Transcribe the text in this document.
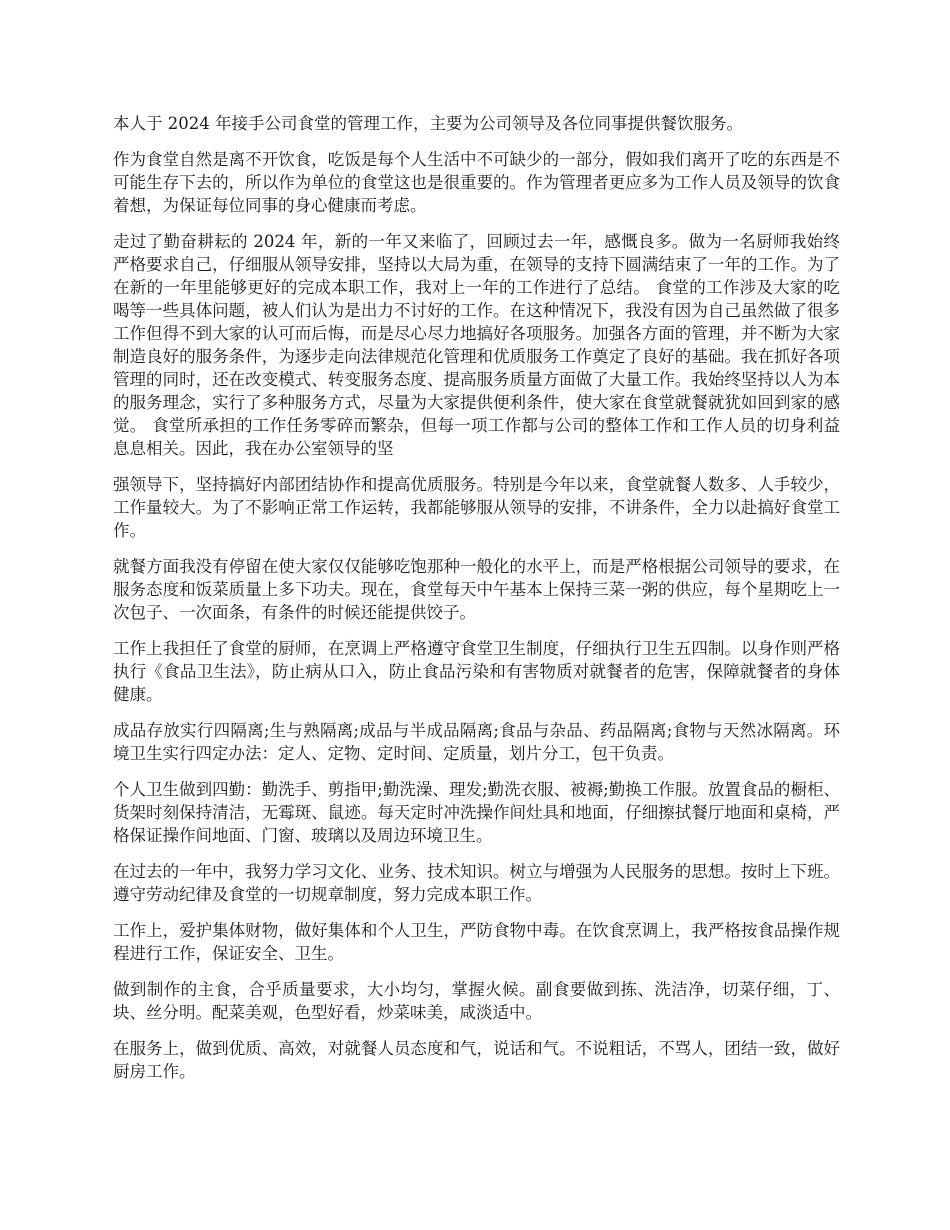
本人于 2024 年接手公司食堂的管理工作，主要为公司领导及各位同事提供餐饮服务。

作为食堂自然是离不开饮食，吃饭是每个人生活中不可缺少的一部分，假如我们离开了吃的东西是不可能生存下去的，所以作为单位的食堂这也是很重要的。作为管理者更应多为工作人员及领导的饮食着想，为保证每位同事的身心健康而考虑。

走过了勤奋耕耘的 2024 年，新的一年又来临了，回顾过去一年，感慨良多。做为一名厨师我始终严格要求自己，仔细服从领导安排，坚持以大局为重，在领导的支持下圆满结束了一年的工作。为了在新的一年里能够更好的完成本职工作，我对上一年的工作进行了总结。 食堂的工作涉及大家的吃喝等一些具体问题，被人们认为是出力不讨好的工作。在这种情况下，我没有因为自己虽然做了很多工作但得不到大家的认可而后悔，而是尽心尽力地搞好各项服务。加强各方面的管理，并不断为大家制造良好的服务条件，为逐步走向法律规范化管理和优质服务工作奠定了良好的基础。我在抓好各项管理的同时，还在改变模式、转变服务态度、提高服务质量方面做了大量工作。我始终坚持以人为本的服务理念，实行了多种服务方式，尽量为大家提供便利条件，使大家在食堂就餐就犹如回到家的感觉。 食堂所承担的工作任务零碎而繁杂，但每一项工作都与公司的整体工作和工作人员的切身利益息息相关。因此，我在办公室领导的坚

强领导下，坚持搞好内部团结协作和提高优质服务。特别是今年以来，食堂就餐人数多、人手较少，工作量较大。为了不影响正常工作运转，我都能够服从领导的安排，不讲条件，全力以赴搞好食堂工作。

就餐方面我没有停留在使大家仅仅能够吃饱那种一般化的水平上，而是严格根据公司领导的要求，在服务态度和饭菜质量上多下功夫。现在，食堂每天中午基本上保持三菜一粥的供应，每个星期吃上一次包子、一次面条，有条件的时候还能提供饺子。

工作上我担任了食堂的厨师，在烹调上严格遵守食堂卫生制度，仔细执行卫生五四制。以身作则严格执行《食品卫生法》，防止病从口入，防止食品污染和有害物质对就餐者的危害，保障就餐者的身体健康。

成品存放实行四隔离;生与熟隔离;成品与半成品隔离;食品与杂品、药品隔离;食物与天然冰隔离。环境卫生实行四定办法：定人、定物、定时间、定质量，划片分工，包干负责。

个人卫生做到四勤：勤洗手、剪指甲;勤洗澡、理发;勤洗衣服、被褥;勤换工作服。放置食品的橱柜、货架时刻保持清洁，无霉斑、鼠迹。每天定时冲洗操作间灶具和地面，仔细擦拭餐厅地面和桌椅，严格保证操作间地面、门窗、玻璃以及周边环境卫生。

在过去的一年中，我努力学习文化、业务、技术知识。树立与增强为人民服务的思想。按时上下班。遵守劳动纪律及食堂的一切规章制度，努力完成本职工作。

工作上，爱护集体财物，做好集体和个人卫生，严防食物中毒。在饮食烹调上，我严格按食品操作规程进行工作，保证安全、卫生。

做到制作的主食，合乎质量要求，大小均匀，掌握火候。副食要做到拣、洗洁净，切菜仔细，丁、块、丝分明。配菜美观，色型好看，炒菜味美，咸淡适中。

在服务上，做到优质、高效，对就餐人员态度和气，说话和气。不说粗话，不骂人，团结一致，做好厨房工作。
